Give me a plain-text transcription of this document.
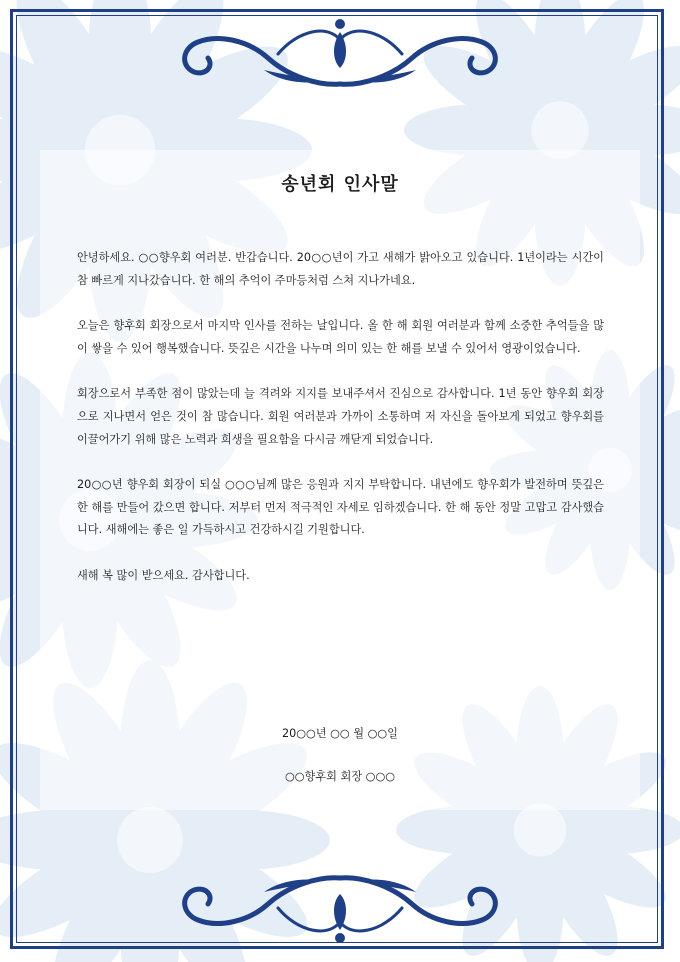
송년회 인사말

안녕하세요. ○○향우회 여러분. 반갑습니다. 20○○년이 가고 새해가 밝아오고 있습니다. 1년이라는 시간이 참 빠르게 지나갔습니다. 한 해의 추억이 주마등처럼 스쳐 지나가네요.

오늘은 향후회 회장으로서 마지막 인사를 전하는 날입니다. 올 한 해 회원 여러분과 함께 소중한 추억들을 많이 쌓을 수 있어 행복했습니다. 뜻깊은 시간을 나누며 의미 있는 한 해를 보낼 수 있어서 영광이었습니다.

회장으로서 부족한 점이 많았는데 늘 격려와 지지를 보내주셔서 진심으로 감사합니다. 1년 동안 향우회 회장으로 지나면서 얻은 것이 참 많습니다. 회원 여러분과 가까이 소통하며 저 자신을 돌아보게 되었고 향우회를 이끌어가기 위해 많은 노력과 희생을 필요함을 다시금 깨닫게 되었습니다.

20○○년 향우회 회장이 되실 ○○○님께 많은 응원과 지지 부탁합니다. 내년에도 향우회가 발전하며 뜻깊은 한 해를 만들어 갔으면 합니다. 저부터 먼저 적극적인 자세로 임하겠습니다. 한 해 동안 정말 고맙고 감사했습니다. 새해에는 좋은 일 가득하시고 건강하시길 기원합니다.

새해 복 많이 받으세요. 감사합니다.

20○○년 ○○ 월 ○○일
○○향후회 회장 ○○○
